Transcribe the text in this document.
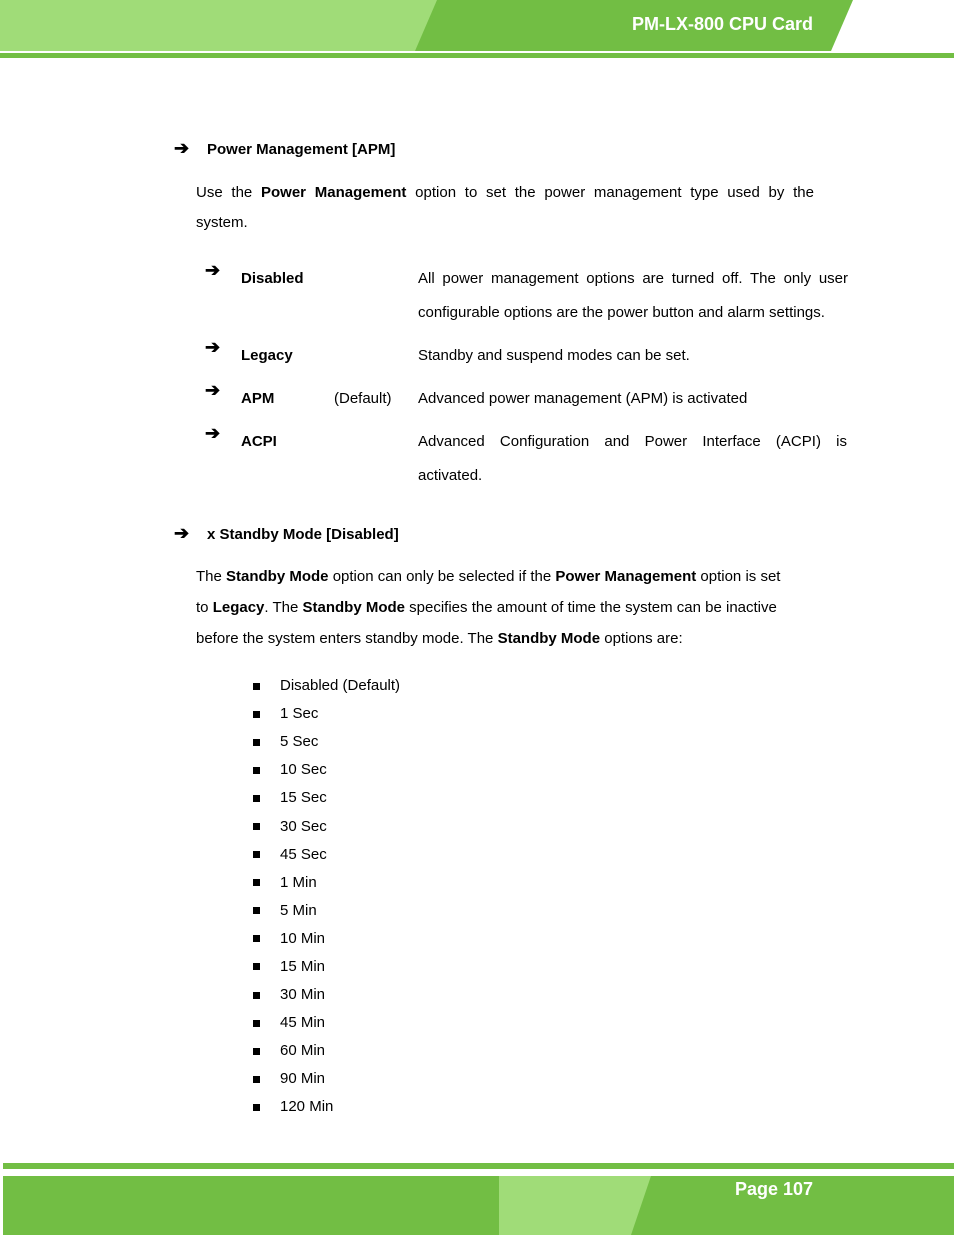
PM-LX-800 CPU Card
➔ Power Management [APM]
Use the Power Management option to set the power management type used by the
system.
➔ Disabled	All power management options are turned off. The only user configurable options are the power button and alarm settings.
➔ Legacy	Standby and suspend modes can be set.
➔ APM	(Default) Advanced power management (APM) is activated
➔ ACPI	Advanced Configuration and Power Interface (ACPI) is activated.
➔ x Standby Mode [Disabled]
The Standby Mode option can only be selected if the Power Management option is set
to Legacy. The Standby Mode specifies the amount of time the system can be inactive
before the system enters standby mode. The Standby Mode options are:
Disabled (Default)
1 Sec
5 Sec
10 Sec
15 Sec
30 Sec
45 Sec
1 Min
5 Min
10 Min
15 Min
30 Min
45 Min
60 Min
90 Min
120 Min
Page 107
